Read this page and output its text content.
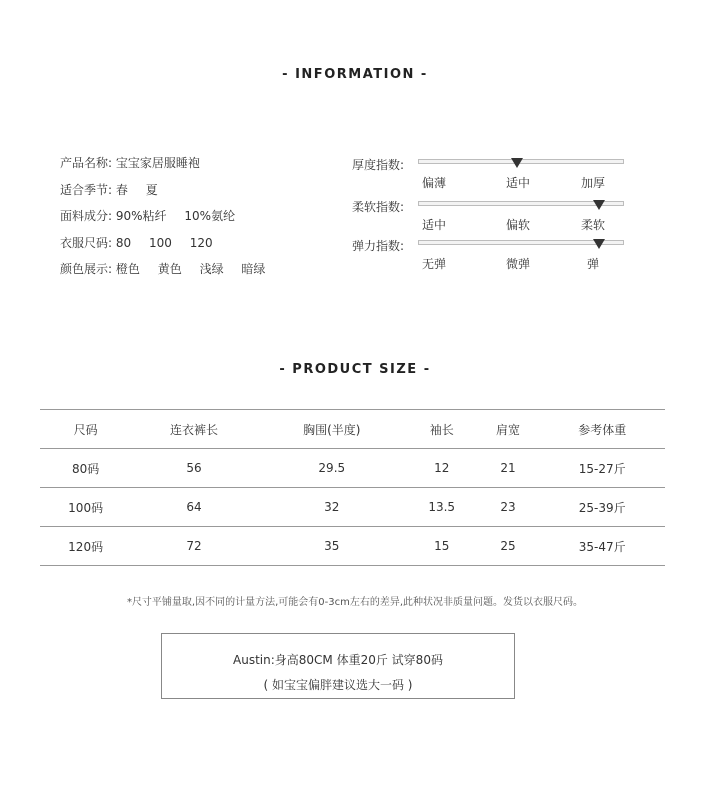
- INFORMATION -
产品名称: 宝宝家居服睡袍
适合季节: 春 夏
面料成分: 90%粘纤 10%氨纶
衣服尺码: 80 100 120
颜色展示: 橙色 黄色 浅绿 暗绿
厚度指数:
偏薄	适中	加厚
柔软指数:
适中	偏软	柔软
弹力指数:
无弹	微弹	弹
- PRODUCT SIZE -
尺码	连衣裤长	胸围(半度)	袖长	肩宽	参考体重
80码	56	29.5	12	21	15-27斤
100码	64	32	13.5	23	25-39斤
120码	72	35	15	25	35-47斤
*尺寸平铺量取,因不同的计量方法,可能会有0-3cm左右的差异,此种状况非质量问题。发货以衣服尺码。
Austin:身高80CM 体重20斤 试穿80码
( 如宝宝偏胖建议选大一码 )
